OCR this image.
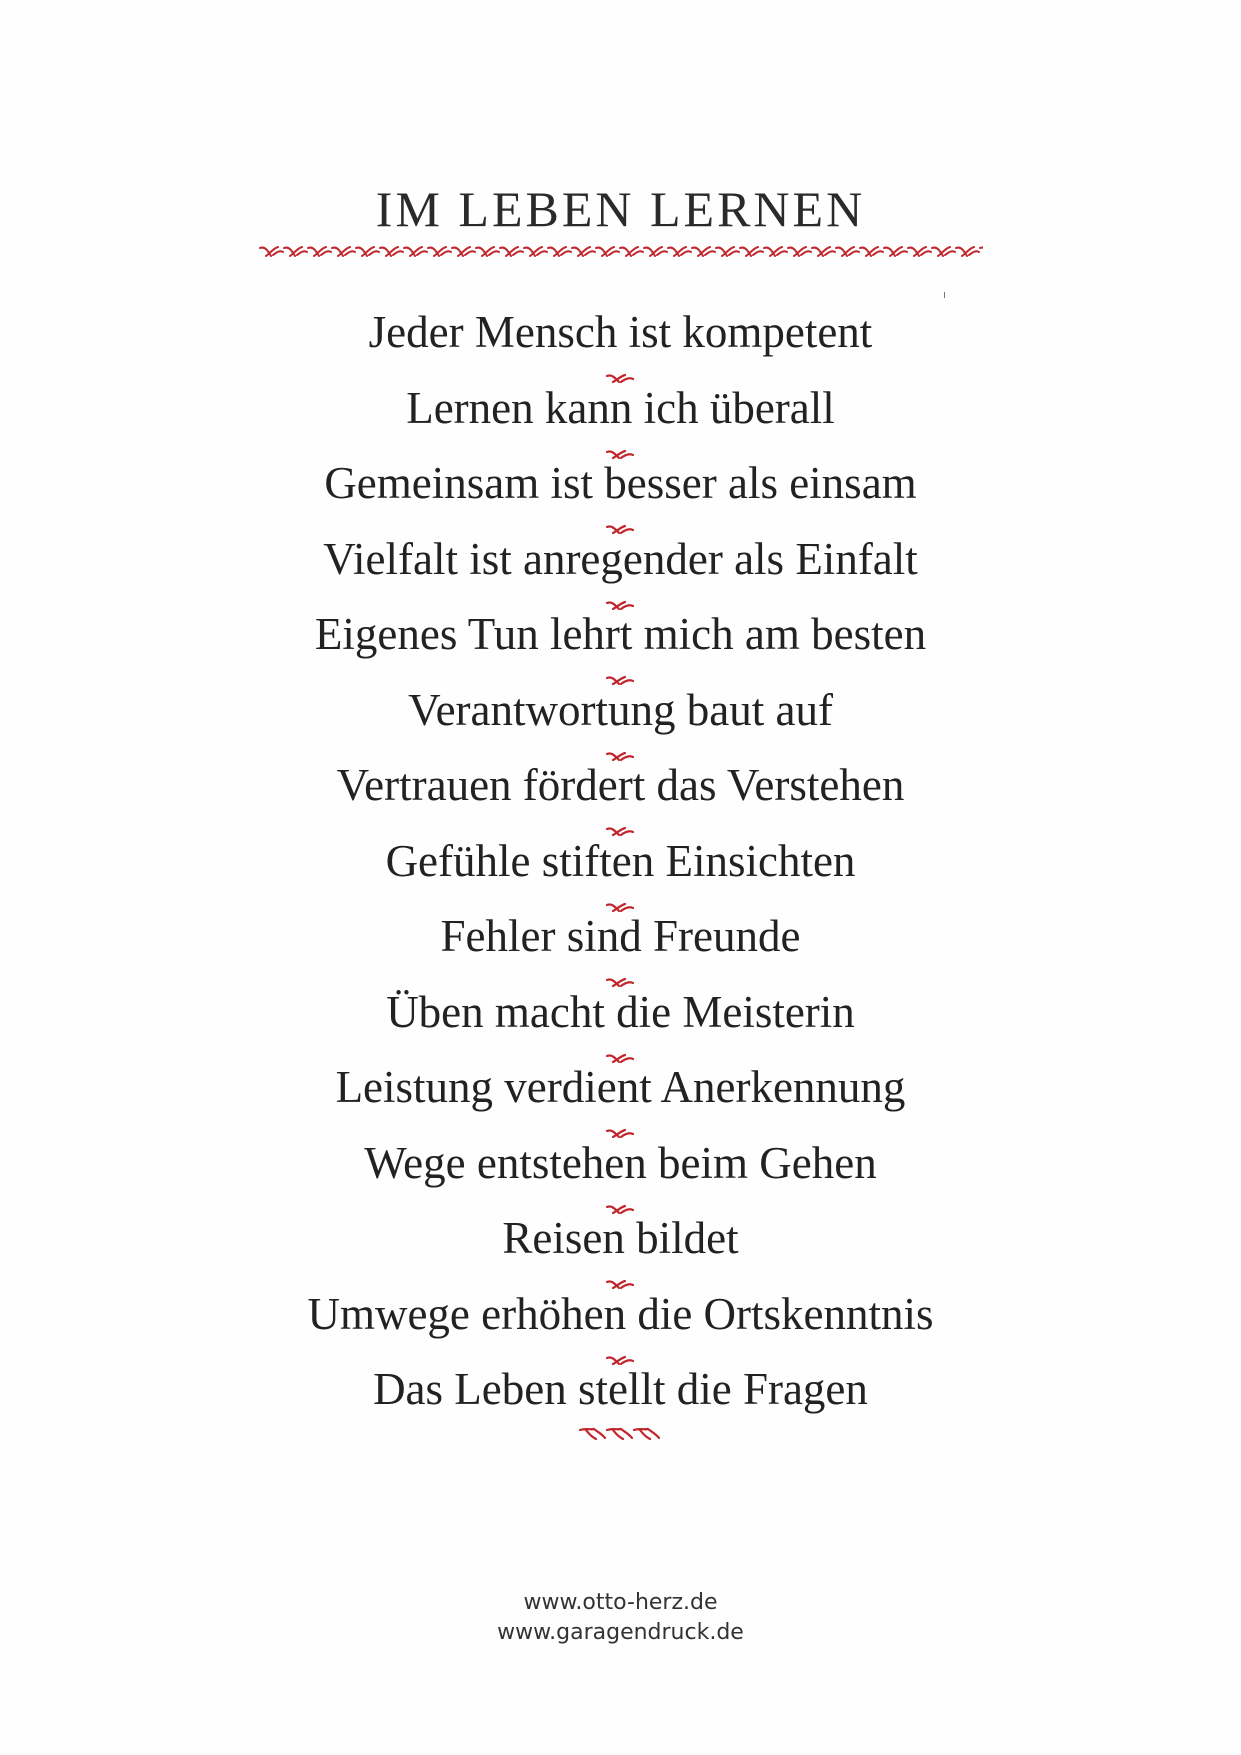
IM LEBEN LERNEN
Jeder Mensch ist kompetent
Lernen kann ich überall
Gemeinsam ist besser als einsam
Vielfalt ist anregender als Einfalt
Eigenes Tun lehrt mich am besten
Verantwortung baut auf
Vertrauen fördert das Verstehen
Gefühle stiften Einsichten
Fehler sind Freunde
Üben macht die Meisterin
Leistung verdient Anerkennung
Wege entstehen beim Gehen
Reisen bildet
Umwege erhöhen die Ortskenntnis
Das Leben stellt die Fragen
www.otto-herz.de
www.garagendruck.de
